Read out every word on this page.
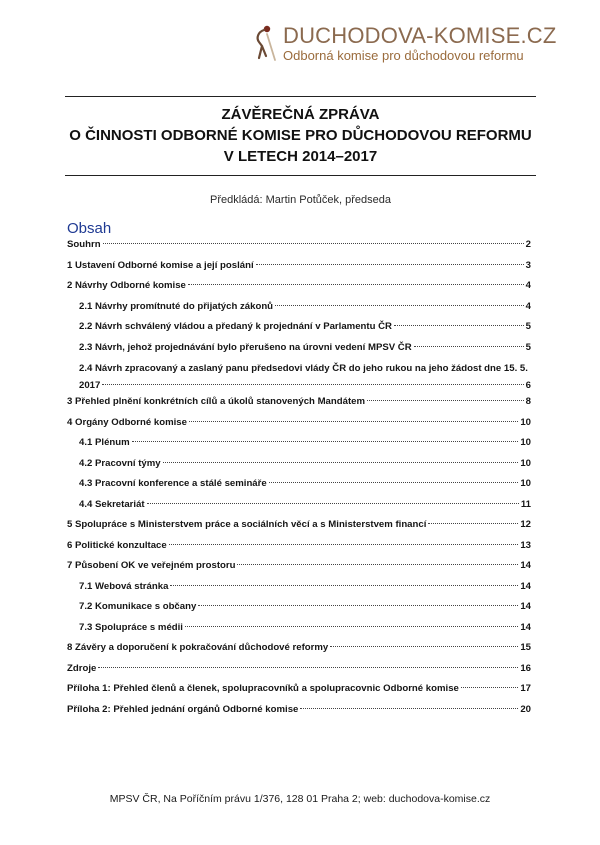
DUCHODOVA-KOMISE.CZ
Odborná komise pro důchodovou reformu
ZÁVĚREČNÁ ZPRÁVA
O ČINNOSTI ODBORNÉ KOMISE PRO DŮCHODOVOU REFORMU
V LETECH 2014–2017
Předkládá: Martin Potůček, předseda
Obsah
Souhrn	2
1 Ustavení Odborné komise a její poslání	3
2 Návrhy Odborné komise	4
2.1 Návrhy promítnuté do přijatých zákonů	4
2.2 Návrh schválený vládou a předaný k projednání v Parlamentu ČR	5
2.3 Návrh, jehož projednávání bylo přerušeno na úrovni vedení MPSV ČR	5
2.4 Návrh zpracovaný a zaslaný panu předsedovi vlády ČR do jeho rukou na jeho žádost dne 15. 5.
2017	6
3 Přehled plnění konkrétních cílů a úkolů stanovených Mandátem	8
4 Orgány Odborné komise	10
4.1 Plénum	10
4.2 Pracovní týmy	10
4.3 Pracovní konference a stálé semináře	10
4.4 Sekretariát	11
5 Spolupráce s Ministerstvem práce a sociálních věcí a s Ministerstvem financí	12
6 Politické konzultace	13
7 Působení OK ve veřejném prostoru	14
7.1 Webová stránka	14
7.2 Komunikace s občany	14
7.3 Spolupráce s médii	14
8 Závěry a doporučení k pokračování důchodové reformy	15
Zdroje	16
Příloha 1: Přehled členů a členek, spolupracovníků a spolupracovnic Odborné komise	17
Příloha 2: Přehled jednání orgánů Odborné komise	20
MPSV ČR, Na Poříčním právu 1/376, 128 01 Praha 2; web: duchodova-komise.cz
